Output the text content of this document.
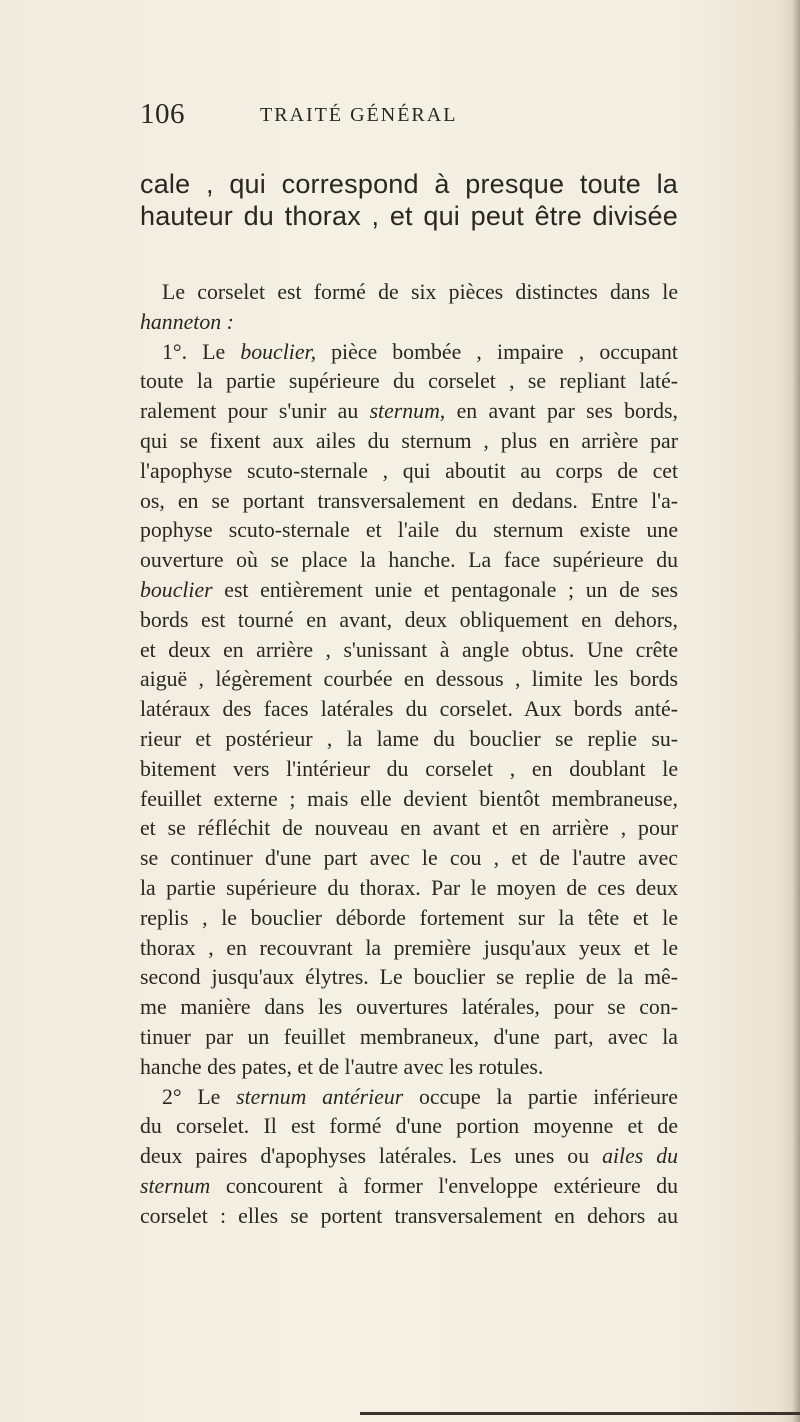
106	TRAITÉ GÉNÉRAL
cale , qui correspond à presque toute la
hauteur du thorax , et qui peut être divisée
Le corselet est formé de six pièces distinctes dans le
hanneton :
1°. Le bouclier, pièce bombée , impaire , occupant
toute la partie supérieure du corselet , se repliant laté-
ralement pour s'unir au sternum, en avant par ses bords,
qui se fixent aux ailes du sternum , plus en arrière par
l'apophyse scuto-sternale , qui aboutit au corps de cet
os, en se portant transversalement en dedans. Entre l'a-
pophyse scuto-sternale et l'aile du sternum existe une
ouverture où se place la hanche. La face supérieure du
bouclier est entièrement unie et pentagonale ; un de ses
bords est tourné en avant, deux obliquement en dehors,
et deux en arrière , s'unissant à angle obtus. Une crête
aiguë , légèrement courbée en dessous , limite les bords
latéraux des faces latérales du corselet. Aux bords anté-
rieur et postérieur , la lame du bouclier se replie su-
bitement vers l'intérieur du corselet , en doublant le
feuillet externe ; mais elle devient bientôt membraneuse,
et se réfléchit de nouveau en avant et en arrière , pour
se continuer d'une part avec le cou , et de l'autre avec
la partie supérieure du thorax. Par le moyen de ces deux
replis , le bouclier déborde fortement sur la tête et le
thorax , en recouvrant la première jusqu'aux yeux et le
second jusqu'aux élytres. Le bouclier se replie de la mê-
me manière dans les ouvertures latérales, pour se con-
tinuer par un feuillet membraneux, d'une part, avec la
hanche des pates, et de l'autre avec les rotules.
2° Le sternum antérieur occupe la partie inférieure
du corselet. Il est formé d'une portion moyenne et de
deux paires d'apophyses latérales. Les unes ou ailes du
sternum concourent à former l'enveloppe extérieure du
corselet : elles se portent transversalement en dehors au
